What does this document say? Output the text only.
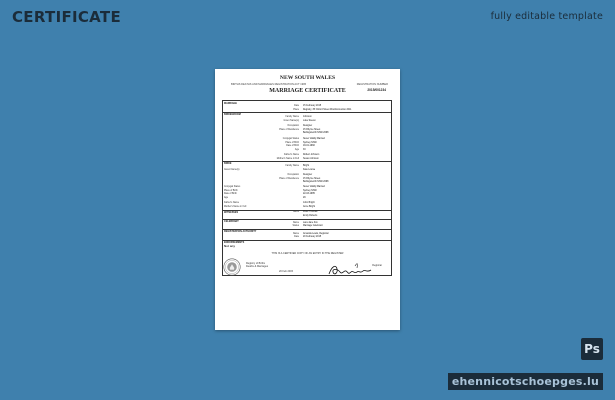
CERTIFICATE	fully editable template
NEW SOUTH WALES
BIRTHS DEATHS AND MARRIAGES REGISTRATION ACT 1995	REGISTRATION NUMBER
2015/001234
MARRIAGE CERTIFICATE
MARRIAGE
Date 15 February 2015
Place Registry, 35 Oxford Street Woolloomooloo 2011
BRIDEGROOM
Family Name Johnson
Given Name(s) Luke Steven
Occupation Designer
Place of Residence 15 Rhyme Street
Bellingsworth NSW 2098
Conjugal Status Never Validly Married
Place of Birth Sydney NSW
Date of Birth 18-01-1982
Age 33
Father's Name Robert Johnson
Mother's Name in Full Susan Johnson
BRIDE
Family Name Bright
Given Name(s)	Kate Louise
Occupation Designer
Place of Residence 15 Rhyme Street
Bellingsworth NSW 2098
Conjugal Status	Never Validly Married
Place of Birth	Sydney NSW
Date of Birth	22-03-1985
Age	29
Father's Name	John Bright
Mother's Name in Full	Anne Bright
WITNESSES	Name Peter Thomas
Emily Roberts
CELEBRANT	Name Lara Jane Fox
Status Marriage Celebrant
REGISTRATION AUTHORITY
Name Amanda Lewis, Registrar
Date 20 February 2015
ENDORSEMENTS
Not any
THIS IS A CERTIFIED COPY OF AN ENTRY IN THE REGISTER
Registry of Births
Deaths & Marriages
20 Feb 2015
Registrar
Ps
ehennicotschoepges.lu
